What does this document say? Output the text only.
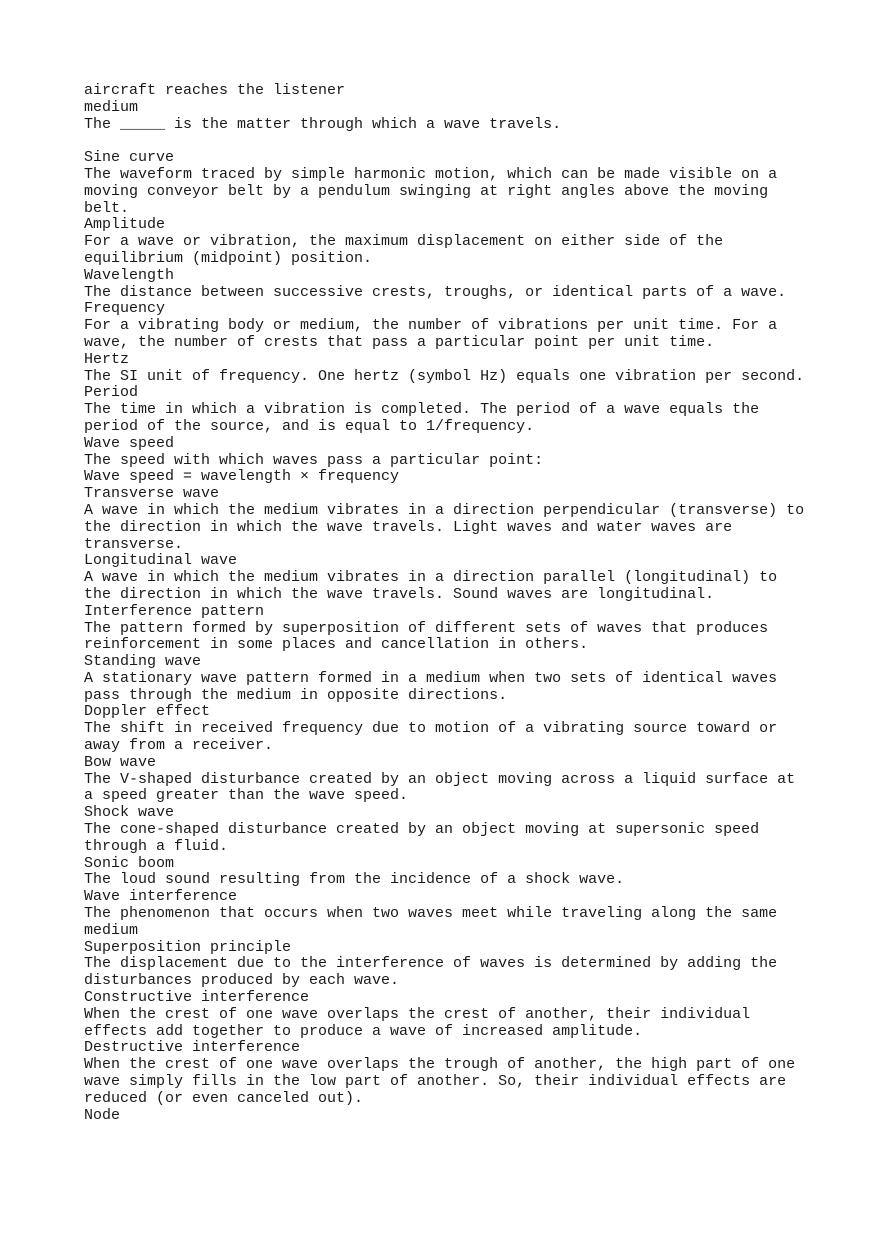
aircraft reaches the listener
medium
The _____ is the matter through which a wave travels.
Sine curve
The waveform traced by simple harmonic motion, which can be made visible on a
moving conveyor belt by a pendulum swinging at right angles above the moving
belt.
Amplitude
For a wave or vibration, the maximum displacement on either side of the
equilibrium (midpoint) position.
Wavelength
The distance between successive crests, troughs, or identical parts of a wave.
Frequency
For a vibrating body or medium, the number of vibrations per unit time. For a
wave, the number of crests that pass a particular point per unit time.
Hertz
The SI unit of frequency. One hertz (symbol Hz) equals one vibration per second.
Period
The time in which a vibration is completed. The period of a wave equals the
period of the source, and is equal to 1/frequency.
Wave speed
The speed with which waves pass a particular point:
Wave speed = wavelength × frequency
Transverse wave
A wave in which the medium vibrates in a direction perpendicular (transverse) to
the direction in which the wave travels. Light waves and water waves are
transverse.
Longitudinal wave
A wave in which the medium vibrates in a direction parallel (longitudinal) to
the direction in which the wave travels. Sound waves are longitudinal.
Interference pattern
The pattern formed by superposition of different sets of waves that produces
reinforcement in some places and cancellation in others.
Standing wave
A stationary wave pattern formed in a medium when two sets of identical waves
pass through the medium in opposite directions.
Doppler effect
The shift in received frequency due to motion of a vibrating source toward or
away from a receiver.
Bow wave
The V-shaped disturbance created by an object moving across a liquid surface at
a speed greater than the wave speed.
Shock wave
The cone-shaped disturbance created by an object moving at supersonic speed
through a fluid.
Sonic boom
The loud sound resulting from the incidence of a shock wave.
Wave interference
The phenomenon that occurs when two waves meet while traveling along the same
medium
Superposition principle
The displacement due to the interference of waves is determined by adding the
disturbances produced by each wave.
Constructive interference
When the crest of one wave overlaps the crest of another, their individual
effects add together to produce a wave of increased amplitude.
Destructive interference
When the crest of one wave overlaps the trough of another, the high part of one
wave simply fills in the low part of another. So, their individual effects are
reduced (or even canceled out).
Node
